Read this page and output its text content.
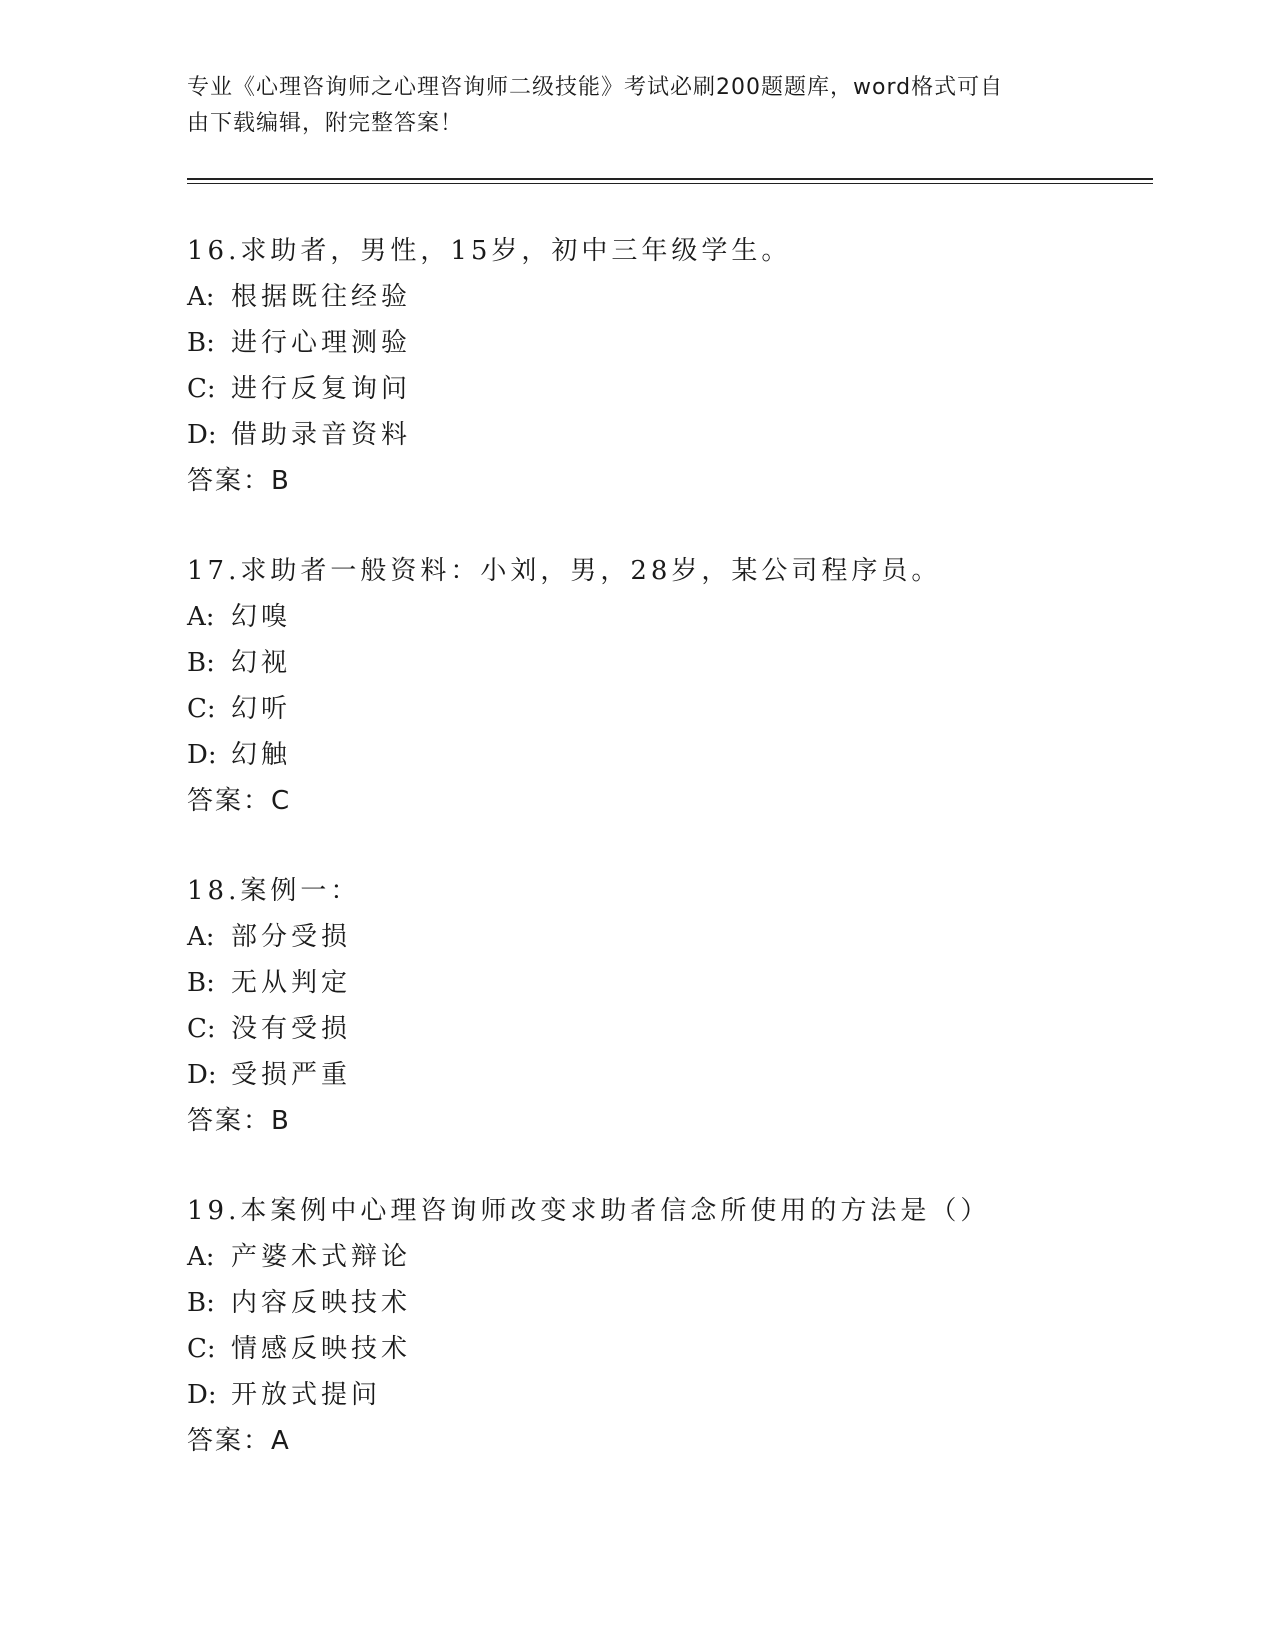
专业《心理咨询师之心理咨询师二级技能》考试必刷200题题库，word格式可自
由下载编辑，附完整答案！
16.求助者，男性，15岁，初中三年级学生。
A: 根据既往经验
B: 进行心理测验
C: 进行反复询问
D: 借助录音资料
答案：B
17.求助者一般资料：小刘，男，28岁，某公司程序员。
A: 幻嗅
B: 幻视
C: 幻听
D: 幻触
答案：C
18.案例一：
A: 部分受损
B: 无从判定
C: 没有受损
D: 受损严重
答案：B
19.本案例中心理咨询师改变求助者信念所使用的方法是（）
A: 产婆术式辩论
B: 内容反映技术
C: 情感反映技术
D: 开放式提问
答案：A
